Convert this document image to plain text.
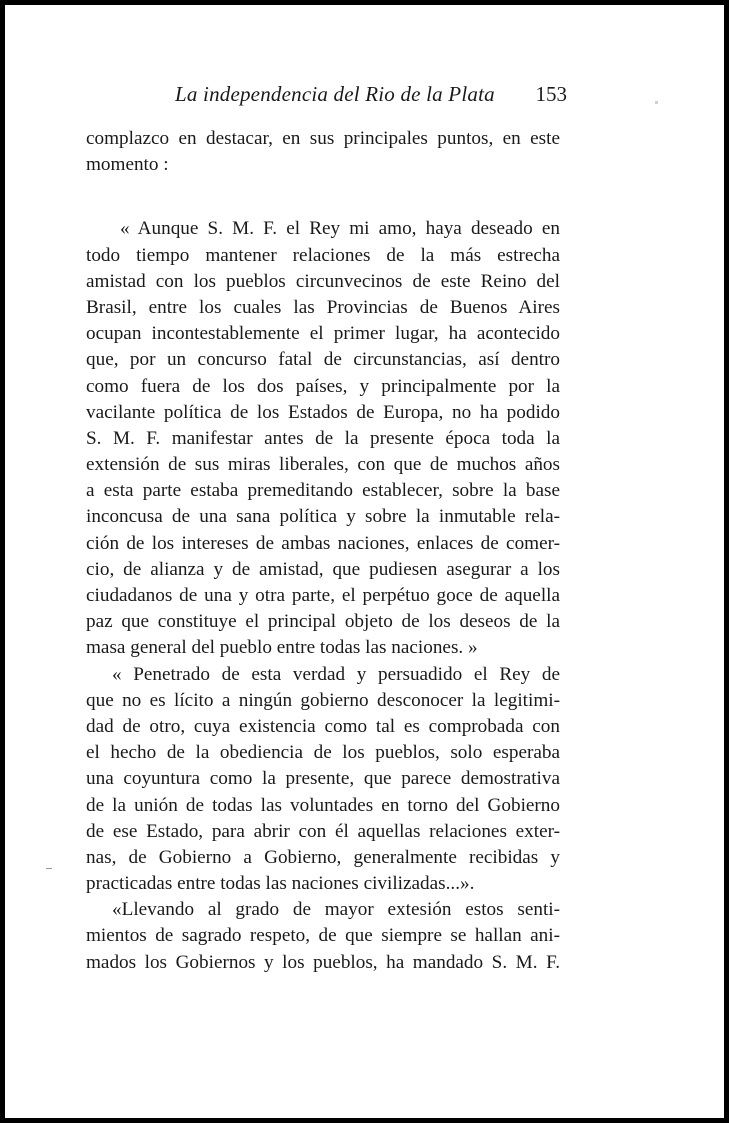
La independencia del Rio de la Plata 153
complazco en destacar, en sus principales puntos, en este
momento :
« Aunque S. M. F. el Rey mi amo, haya deseado en
todo tiempo mantener relaciones de la más estrecha
amistad con los pueblos circunvecinos de este Reino del
Brasil, entre los cuales las Provincias de Buenos Aires
ocupan incontestablemente el primer lugar, ha acontecido
que, por un concurso fatal de circunstancias, así dentro
como fuera de los dos países, y principalmente por la
vacilante política de los Estados de Europa, no ha podido
S. M. F. manifestar antes de la presente época toda la
extensión de sus miras liberales, con que de muchos años
a esta parte estaba premeditando establecer, sobre la base
inconcusa de una sana política y sobre la inmutable rela-
ción de los intereses de ambas naciones, enlaces de comer-
cio, de alianza y de amistad, que pudiesen asegurar a los
ciudadanos de una y otra parte, el perpétuo goce de aquella
paz que constituye el principal objeto de los deseos de la
masa general del pueblo entre todas las naciones. »
« Penetrado de esta verdad y persuadido el Rey de
que no es lícito a ningún gobierno desconocer la legitimi-
dad de otro, cuya existencia como tal es comprobada con
el hecho de la obediencia de los pueblos, solo esperaba
una coyuntura como la presente, que parece demostrativa
de la unión de todas las voluntades en torno del Gobierno
de ese Estado, para abrir con él aquellas relaciones exter-
nas, de Gobierno a Gobierno, generalmente recibidas y
practicadas entre todas las naciones civilizadas...».
«Llevando al grado de mayor extesión estos senti-
mientos de sagrado respeto, de que siempre se hallan ani-
mados los Gobiernos y los pueblos, ha mandado S. M. F.
